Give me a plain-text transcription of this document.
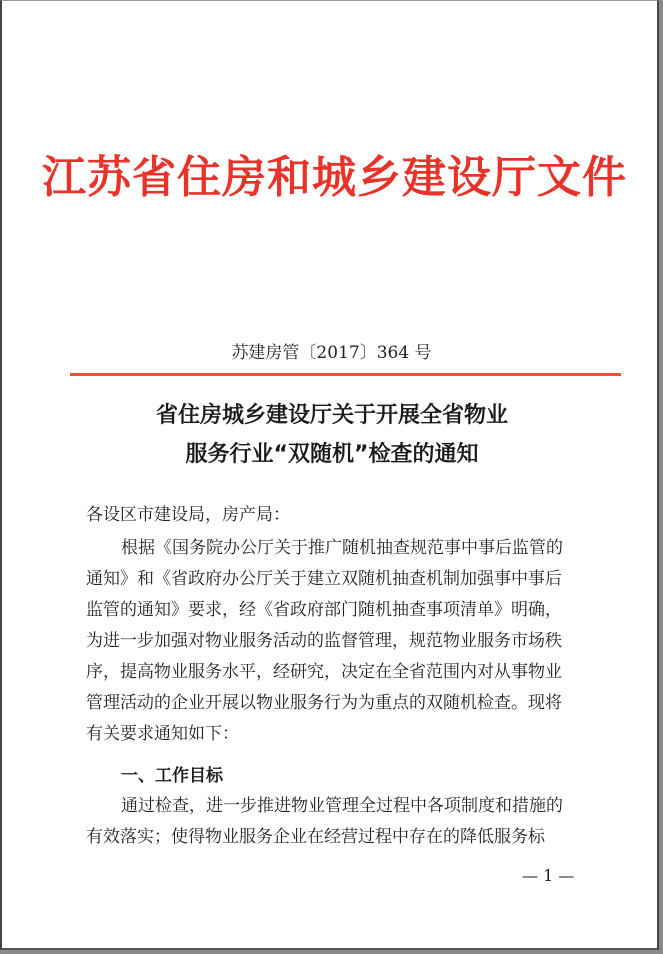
江苏省住房和城乡建设厅文件
苏建房管〔2017〕364 号
省住房城乡建设厅关于开展全省物业
服务行业“双随机”检查的通知
各设区市建设局，房产局：
根据《国务院办公厅关于推广随机抽查规范事中事后监管的
通知》和《省政府办公厅关于建立双随机抽查机制加强事中事后
监管的通知》要求，经《省政府部门随机抽查事项清单》明确，
为进一步加强对物业服务活动的监督管理，规范物业服务市场秩
序，提高物业服务水平，经研究，决定在全省范围内对从事物业
管理活动的企业开展以物业服务行为为重点的双随机检查。现将
有关要求通知如下：
一、工作目标
通过检查，进一步推进物业管理全过程中各项制度和措施的
有效落实；使得物业服务企业在经营过程中存在的降低服务标
— 1 —
